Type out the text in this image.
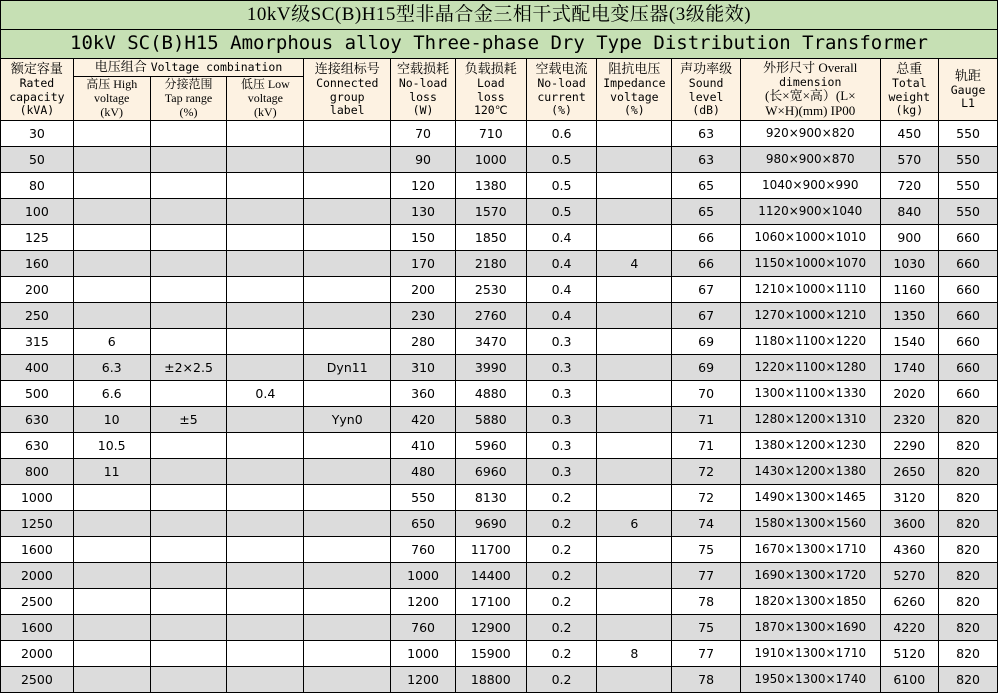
10kV级SC(B)H15型非晶合金三相干式配电变压器(3级能效)												
10kV SC(B)H15 Amorphous alloy Three-phase Dry Type Distribution Transformer												

额定容量
Rated
capacity
(kVA)	电压组合 Voltage combination			连接组标号
Connected
group
label	空载损耗
No-load
loss
(W)	负载损耗
Load
loss
120℃	空载电流
No-load
current
(%)	阻抗电压
Impedance
voltage
(%)	声功率级
Sound
level
(dB)	外形尺寸 Overall
dimension
(长×宽×高）(L×
W×H)(mm) IP00	总重
Total
weight
(kg)	轨距
Gauge
L1

	高压 High
voltage
(kV)	分接范围
Tap range
(%)	低压 Low
voltage
(kV)									

30					70	710	0.6		63	920×900×820	450	550
50					90	1000	0.5		63	980×900×870	570	550
80					120	1380	0.5		65	1040×900×990	720	550
100					130	1570	0.5		65	1120×900×1040	840	550
125					150	1850	0.4		66	1060×1000×1010	900	660
160					170	2180	0.4	4	66	1150×1000×1070	1030	660
200					200	2530	0.4		67	1210×1000×1110	1160	660
250					230	2760	0.4		67	1270×1000×1210	1350	660
315	6				280	3470	0.3		69	1180×1100×1220	1540	660
400	6.3	±2×2.5		Dyn11	310	3990	0.3		69	1220×1100×1280	1740	660
500	6.6		0.4		360	4880	0.3		70	1300×1100×1330	2020	660
630	10	±5		Yyn0	420	5880	0.3		71	1280×1200×1310	2320	820
630	10.5				410	5960	0.3		71	1380×1200×1230	2290	820
800	11				480	6960	0.3		72	1430×1200×1380	2650	820
1000					550	8130	0.2		72	1490×1300×1465	3120	820
1250					650	9690	0.2	6	74	1580×1300×1560	3600	820
1600					760	11700	0.2		75	1670×1300×1710	4360	820
2000					1000	14400	0.2		77	1690×1300×1720	5270	820
2500					1200	17100	0.2		78	1820×1300×1850	6260	820
1600					760	12900	0.2		75	1870×1300×1690	4220	820
2000					1000	15900	0.2	8	77	1910×1300×1710	5120	820
2500					1200	18800	0.2		78	1950×1300×1740	6100	820
